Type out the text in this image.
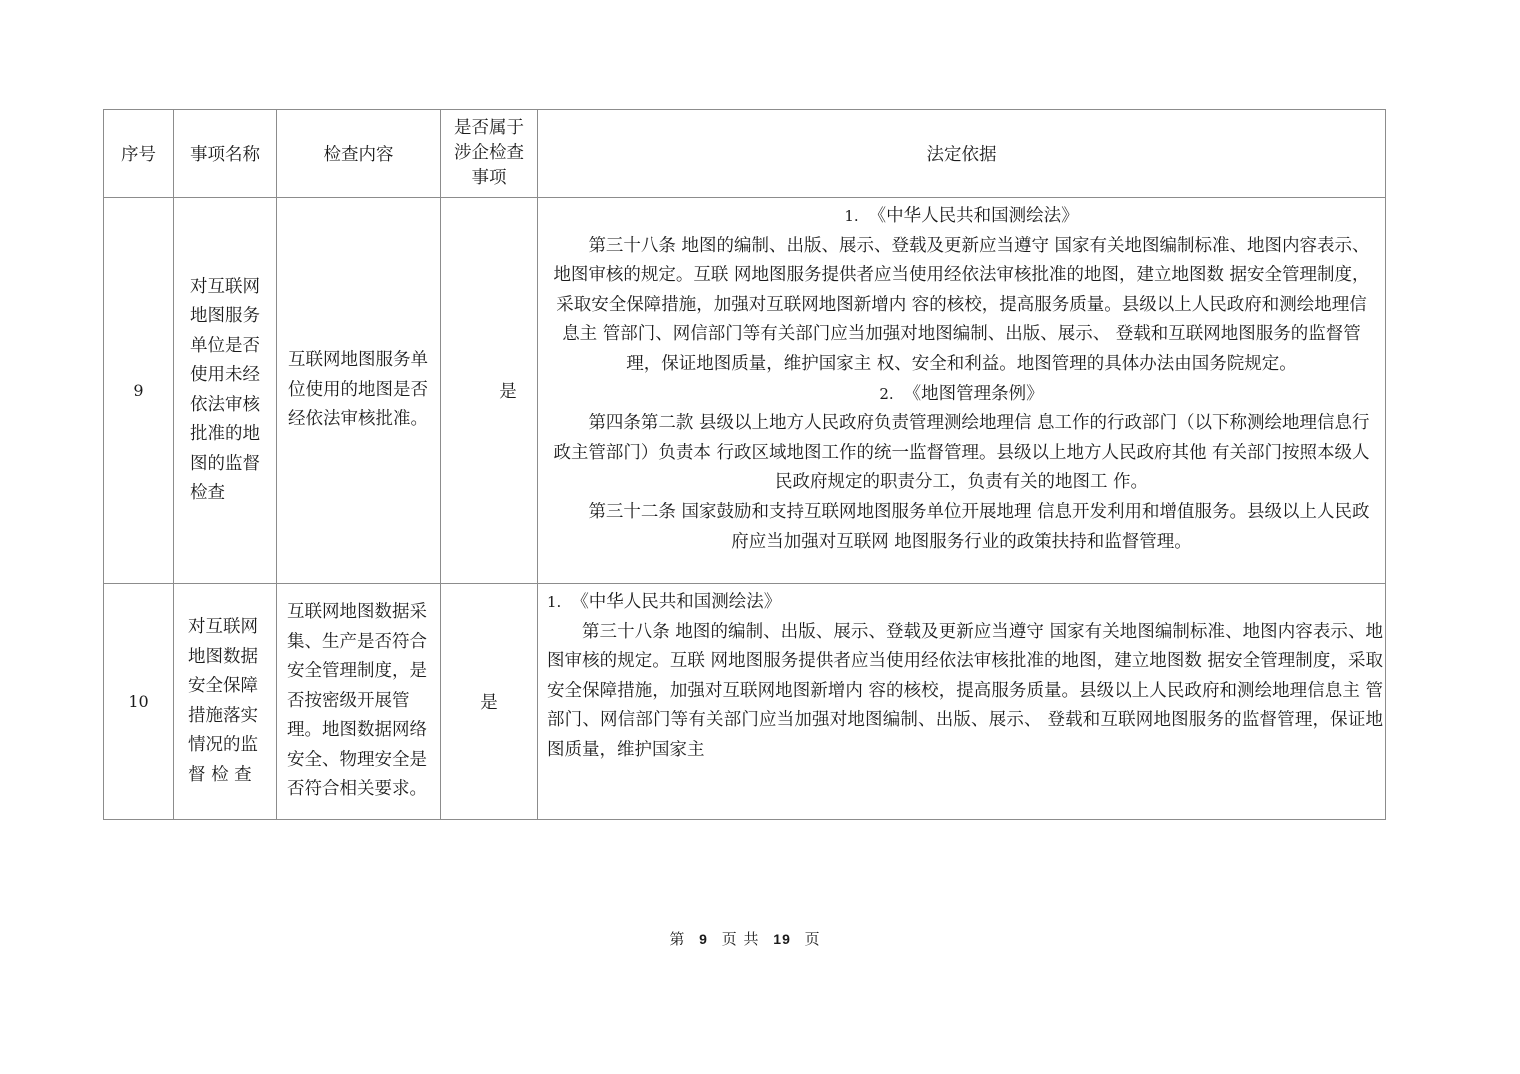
序号	事项名称	检查内容	是否属于涉企检查事项	法定依据
9	对互联网地图服务单位是否使用未经依法审核批准的地图的监督检查	互联网地图服务单位使用的地图是否经依法审核批准。	是	1. 《中华人民共和国测绘法》

第三十八条 地图的编制、出版、展示、登载及更新应当遵守 国家有关地图编制标准、地图内容表示、地图审核的规定。互联 网地图服务提供者应当使用经依法审核批准的地图，建立地图数 据安全管理制度，采取安全保障措施，加强对互联网地图新增内 容的核校，提高服务质量。县级以上人民政府和测绘地理信息主 管部门、网信部门等有关部门应当加强对地图编制、出版、展示、 登载和互联网地图服务的监督管理，保证地图质量，维护国家主 权、安全和利益。地图管理的具体办法由国务院规定。

2. 《地图管理条例》

第四条第二款 县级以上地方人民政府负责管理测绘地理信 息工作的行政部门（以下称测绘地理信息行政主管部门）负责本 行政区域地图工作的统一监督管理。县级以上地方人民政府其他 有关部门按照本级人民政府规定的职责分工，负责有关的地图工 作。

第三十二条 国家鼓励和支持互联网地图服务单位开展地理 信息开发利用和增值服务。县级以上人民政府应当加强对互联网 地图服务行业的政策扶持和监督管理。

10	对互联网地图数据安全保障措施落实情况的监督 检 查	互联网地图数据采集、生产是否符合安全管理制度，是否按密级开展管理。地图数据网络安全、物理安全是否符合相关要求。	是	1. 《中华人民共和国测绘法》

第三十八条 地图的编制、出版、展示、登载及更新应当遵守 国家有关地图编制标准、地图内容表示、地图审核的规定。互联 网地图服务提供者应当使用经依法审核批准的地图，建立地图数 据安全管理制度，采取安全保障措施，加强对互联网地图新增内 容的核校，提高服务质量。县级以上人民政府和测绘地理信息主 管部门、网信部门等有关部门应当加强对地图编制、出版、展示、 登载和互联网地图服务的监督管理，保证地图质量，维护国家主

第 9 页 共 19 页
